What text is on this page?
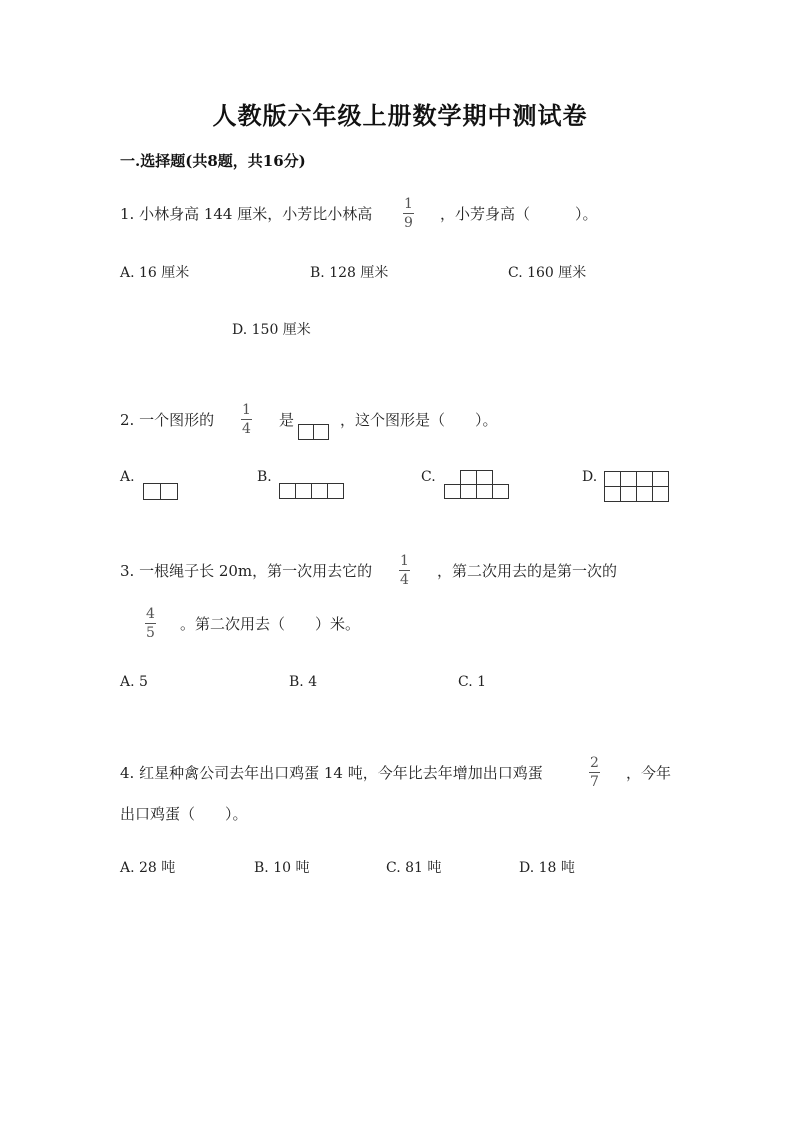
人教版六年级上册数学期中测试卷
一.选择题(共8题，共16分)
1. 小林身高 144 厘米，小芳比小林高
1
9 ，小芳身高（　　　）。
A. 16 厘米	B. 128 厘米	C. 160 厘米
D. 150 厘米
2. 一个图形的
1
4 是	，这个图形是（　　）。
A.	B.	C.	D.
3. 一根绳子长 20m，第一次用去它的
1
4 ，第二次用去的是第一次的
4
5 。第二次用去（　　）米。
A. 5	B. 4	C. 1
4. 红星种禽公司去年出口鸡蛋 14 吨，今年比去年增加出口鸡蛋
2
7 ，今年
出口鸡蛋（　　）。
A. 28 吨	B. 10 吨	C. 81 吨	D. 18 吨
